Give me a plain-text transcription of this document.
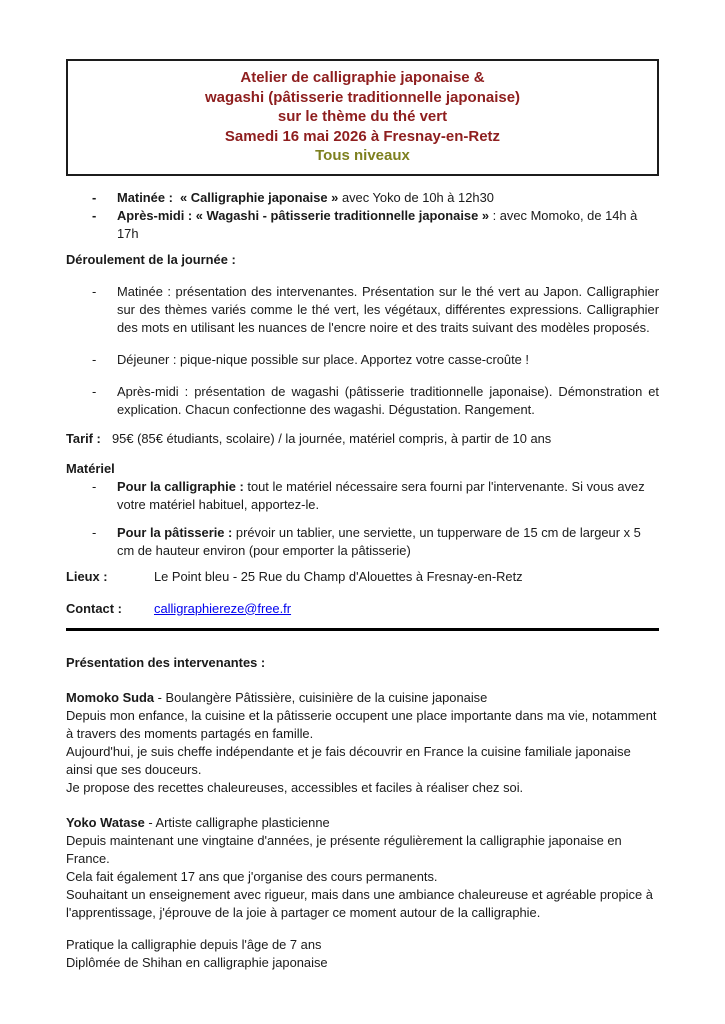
Atelier de calligraphie japonaise &
wagashi (pâtisserie traditionnelle japonaise)
sur le thème du thé vert
Samedi 16 mai 2026 à Fresnay-en-Retz
Tous niveaux
-	Matinée :  « Calligraphie japonaise » avec Yoko de 10h à 12h30
-	Après-midi : « Wagashi - pâtisserie traditionnelle japonaise » : avec Momoko, de 14h à 17h
Déroulement de la journée :
-	Matinée : présentation des intervenantes. Présentation sur le thé vert au Japon. Calligraphier sur des thèmes variés comme le thé vert, les végétaux, différentes expressions. Calligraphier des mots en utilisant les nuances de l'encre noire et des traits suivant des modèles proposés.
-	Déjeuner : pique-nique possible sur place. Apportez votre casse-croûte !
-	Après-midi : présentation de wagashi (pâtisserie traditionnelle japonaise). Démonstration et explication. Chacun confectionne des wagashi. Dégustation. Rangement.
Tarif : 95€ (85€ étudiants, scolaire) / la journée, matériel compris, à partir de 10 ans
Matériel
-	Pour la calligraphie : tout le matériel nécessaire sera fourni par l'intervenante. Si vous avez votre matériel habituel, apportez-le.
-	Pour la pâtisserie : prévoir un tablier, une serviette, un tupperware de 15 cm de largeur x 5 cm de hauteur environ (pour emporter la pâtisserie)
Lieux :	Le Point bleu - 25 Rue du Champ d'Alouettes à Fresnay-en-Retz
Contact :	calligraphiereze@free.fr
Présentation des intervenantes :
Momoko Suda - Boulangère Pâtissière, cuisinière de la cuisine japonaise
Depuis mon enfance, la cuisine et la pâtisserie occupent une place importante dans ma vie, notamment à travers des moments partagés en famille.
Aujourd'hui, je suis cheffe indépendante et je fais découvrir en France la cuisine familiale japonaise ainsi que ses douceurs.
Je propose des recettes chaleureuses, accessibles et faciles à réaliser chez soi.
Yoko Watase - Artiste calligraphe plasticienne
Depuis maintenant une vingtaine d'années, je présente régulièrement la calligraphie japonaise en France.
Cela fait également 17 ans que j'organise des cours permanents.
Souhaitant un enseignement avec rigueur, mais dans une ambiance chaleureuse et agréable propice à l'apprentissage, j'éprouve de la joie à partager ce moment autour de la calligraphie.
Pratique la calligraphie depuis l'âge de 7 ans
Diplômée de Shihan en calligraphie japonaise
